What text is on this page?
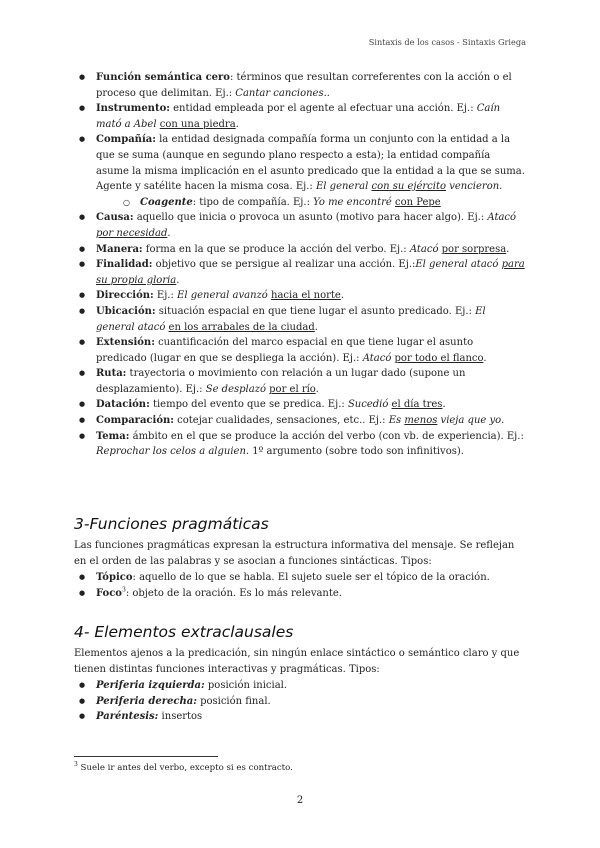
Sintaxis de los casos - Sintaxis Griega
● Función semántica cero: términos que resultan correferentes con la acción o el proceso que delimitan. Ej.: Cantar canciones..
● Instrumento: entidad empleada por el agente al efectuar una acción. Ej.: Caín mató a Abel con una piedra.
● Compañía: la entidad designada compañía forma un conjunto con la entidad a la que se suma (aunque en segundo plano respecto a esta); la entidad compañía asume la misma implicación en el asunto predicado que la entidad a la que se suma. Agente y satélite hacen la misma cosa. Ej.: El general con su ejército vencieron.
○ Coagente: tipo de compañía. Ej.: Yo me encontré con Pepe
● Causa: aquello que inicia o provoca un asunto (motivo para hacer algo). Ej.: Atacó por necesidad.
● Manera: forma en la que se produce la acción del verbo. Ej.: Atacó por sorpresa.
● Finalidad: objetivo que se persigue al realizar una acción. Ej.:El general atacó para su propia gloria.
● Dirección: Ej.: El general avanzó hacia el norte.
● Ubicación: situación espacial en que tiene lugar el asunto predicado. Ej.: El general atacó en los arrabales de la ciudad.
● Extensión: cuantificación del marco espacial en que tiene lugar el asunto predicado (lugar en que se despliega la acción). Ej.: Atacó por todo el flanco.
● Ruta: trayectoria o movimiento con relación a un lugar dado (supone un desplazamiento). Ej.: Se desplazó por el río.
● Datación: tiempo del evento que se predica. Ej.: Sucedió el día tres.
● Comparación: cotejar cualidades, sensaciones, etc.. Ej.: Es menos vieja que yo.
● Tema: ámbito en el que se produce la acción del verbo (con vb. de experiencia). Ej.: Reprochar los celos a alguien. 1º argumento (sobre todo son infinitivos).
3-Funciones pragmáticas

Las funciones pragmáticas expresan la estructura informativa del mensaje. Se reflejan en el orden de las palabras y se asocian a funciones sintácticas. Tipos:

● Tópico: aquello de lo que se habla. El sujeto suele ser el tópico de la oración.
● Foco$^3$: objeto de la oración. Es lo más relevante.
4- Elementos extraclausales

Elementos ajenos a la predicación, sin ningún enlace sintáctico o semántico claro y que tienen distintas funciones interactivas y pragmáticas. Tipos:

● Periferia izquierda: posición inicial.
● Periferia derecha: posición final.
● Paréntesis: insertos
$^3$ Suele ir antes del verbo, excepto si es contracto.
2
